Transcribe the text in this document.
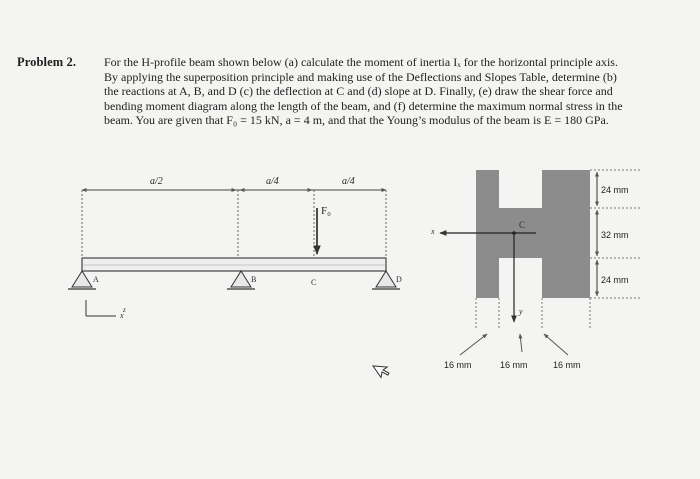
Problem 2. For the H-profile beam shown below (a) calculate the moment of inertia Iₓ for the horizontal principle axis.
By applying the superposition principle and making use of the Deflections and Slopes Table, determine (b)
the reactions at A, B, and D (c) the deflection at C and (d) slope at D. Finally, (e) draw the shear force and
bending moment diagram along the length of the beam, and (f) determine the maximum normal stress in the
beam. You are given that F₀ = 15 kN, a = 4 m, and that the Young’s modulus of the beam is E = 180 GPa.
a/2	a/4	a/4
F₀
A	B	C	D
x
z
24 mm
32 mm
24 mm
x
y
C
16 mm	16 mm	16 mm
